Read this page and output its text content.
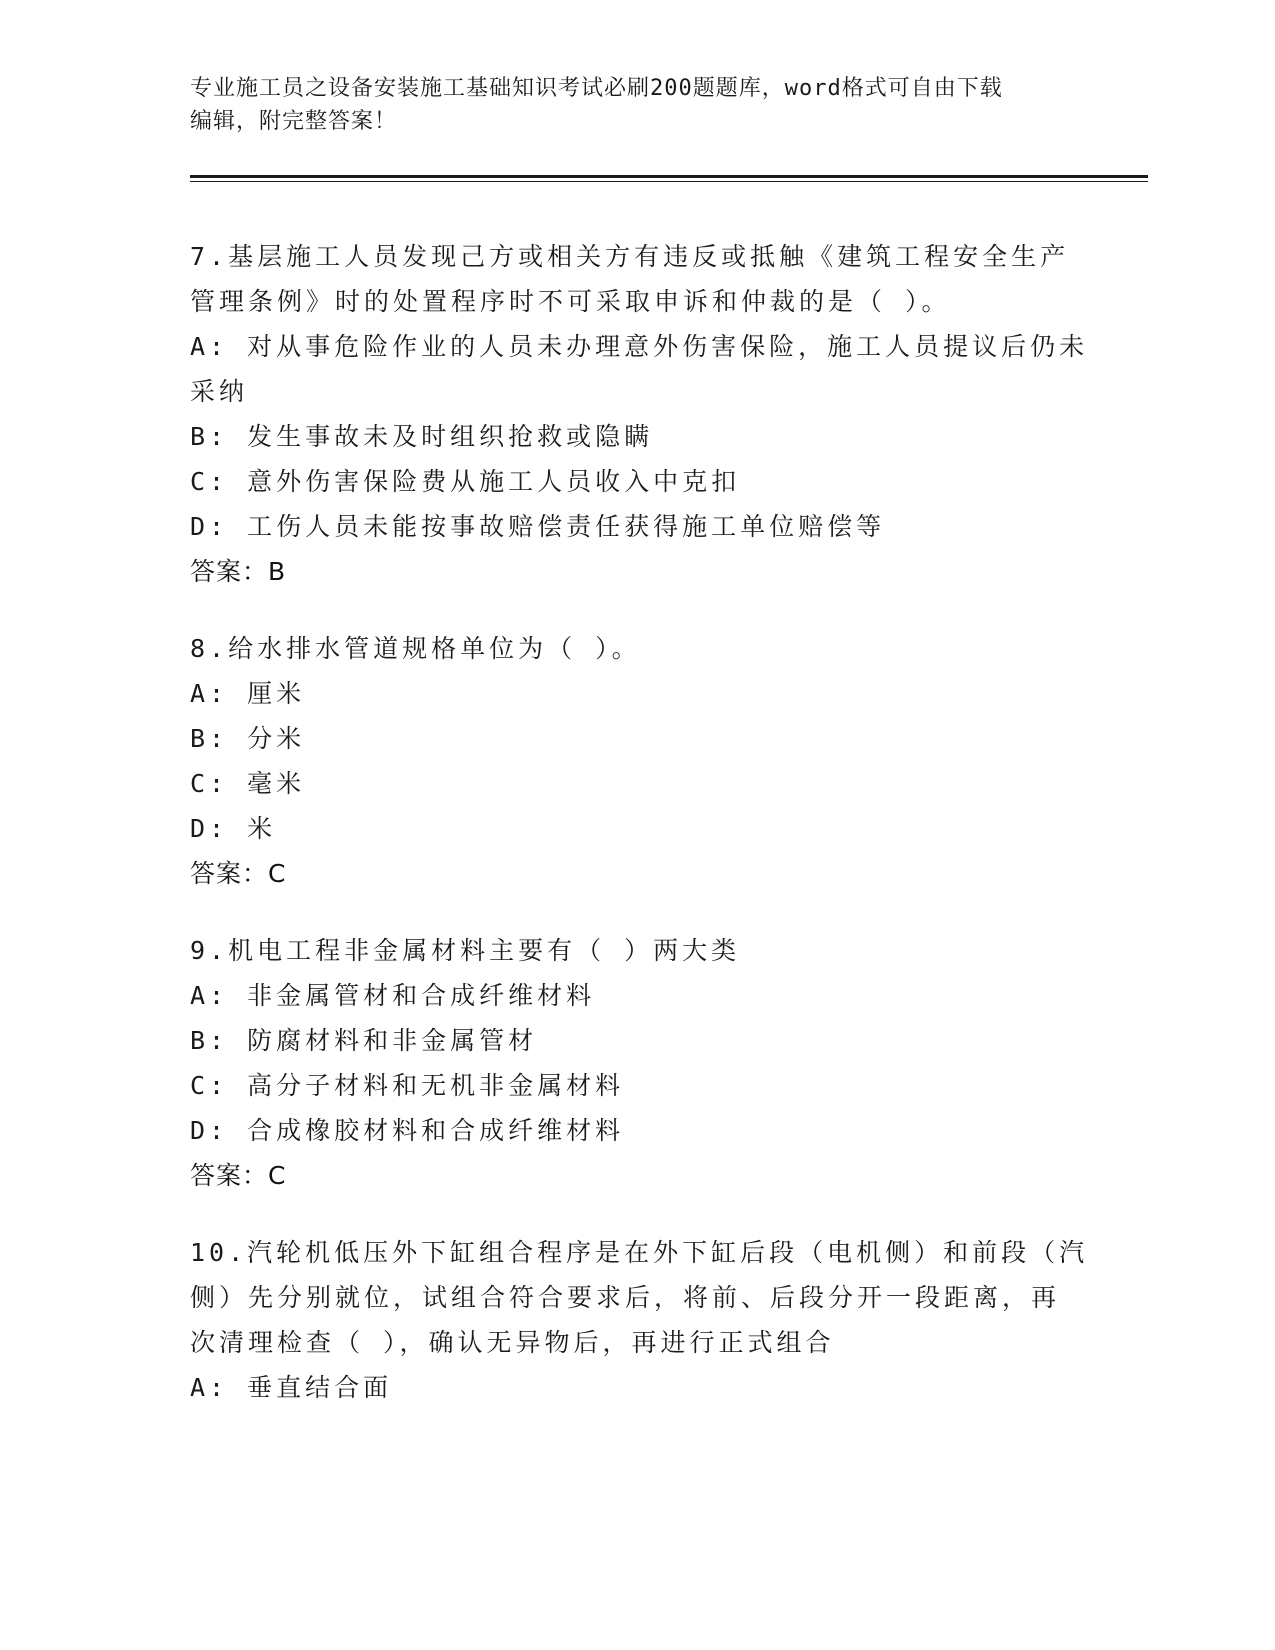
专业施工员之设备安装施工基础知识考试必刷200题题库，word格式可自由下载
编辑，附完整答案！
7.基层施工人员发现己方或相关方有违反或抵触《建筑工程安全生产
管理条例》时的处置程序时不可采取申诉和仲裁的是（ ）。
A: 对从事危险作业的人员未办理意外伤害保险，施工人员提议后仍未
采纳
B: 发生事故未及时组织抢救或隐瞒
C: 意外伤害保险费从施工人员收入中克扣
D: 工伤人员未能按事故赔偿责任获得施工单位赔偿等
答案：B
8.给水排水管道规格单位为（ ）。
A: 厘米
B: 分米
C: 毫米
D: 米
答案：C
9.机电工程非金属材料主要有（ ）两大类
A: 非金属管材和合成纤维材料
B: 防腐材料和非金属管材
C: 高分子材料和无机非金属材料
D: 合成橡胶材料和合成纤维材料
答案：C
10.汽轮机低压外下缸组合程序是在外下缸后段（电机侧）和前段（汽
侧）先分别就位，试组合符合要求后，将前、后段分开一段距离，再
次清理检查（ ），确认无异物后，再进行正式组合
A: 垂直结合面
